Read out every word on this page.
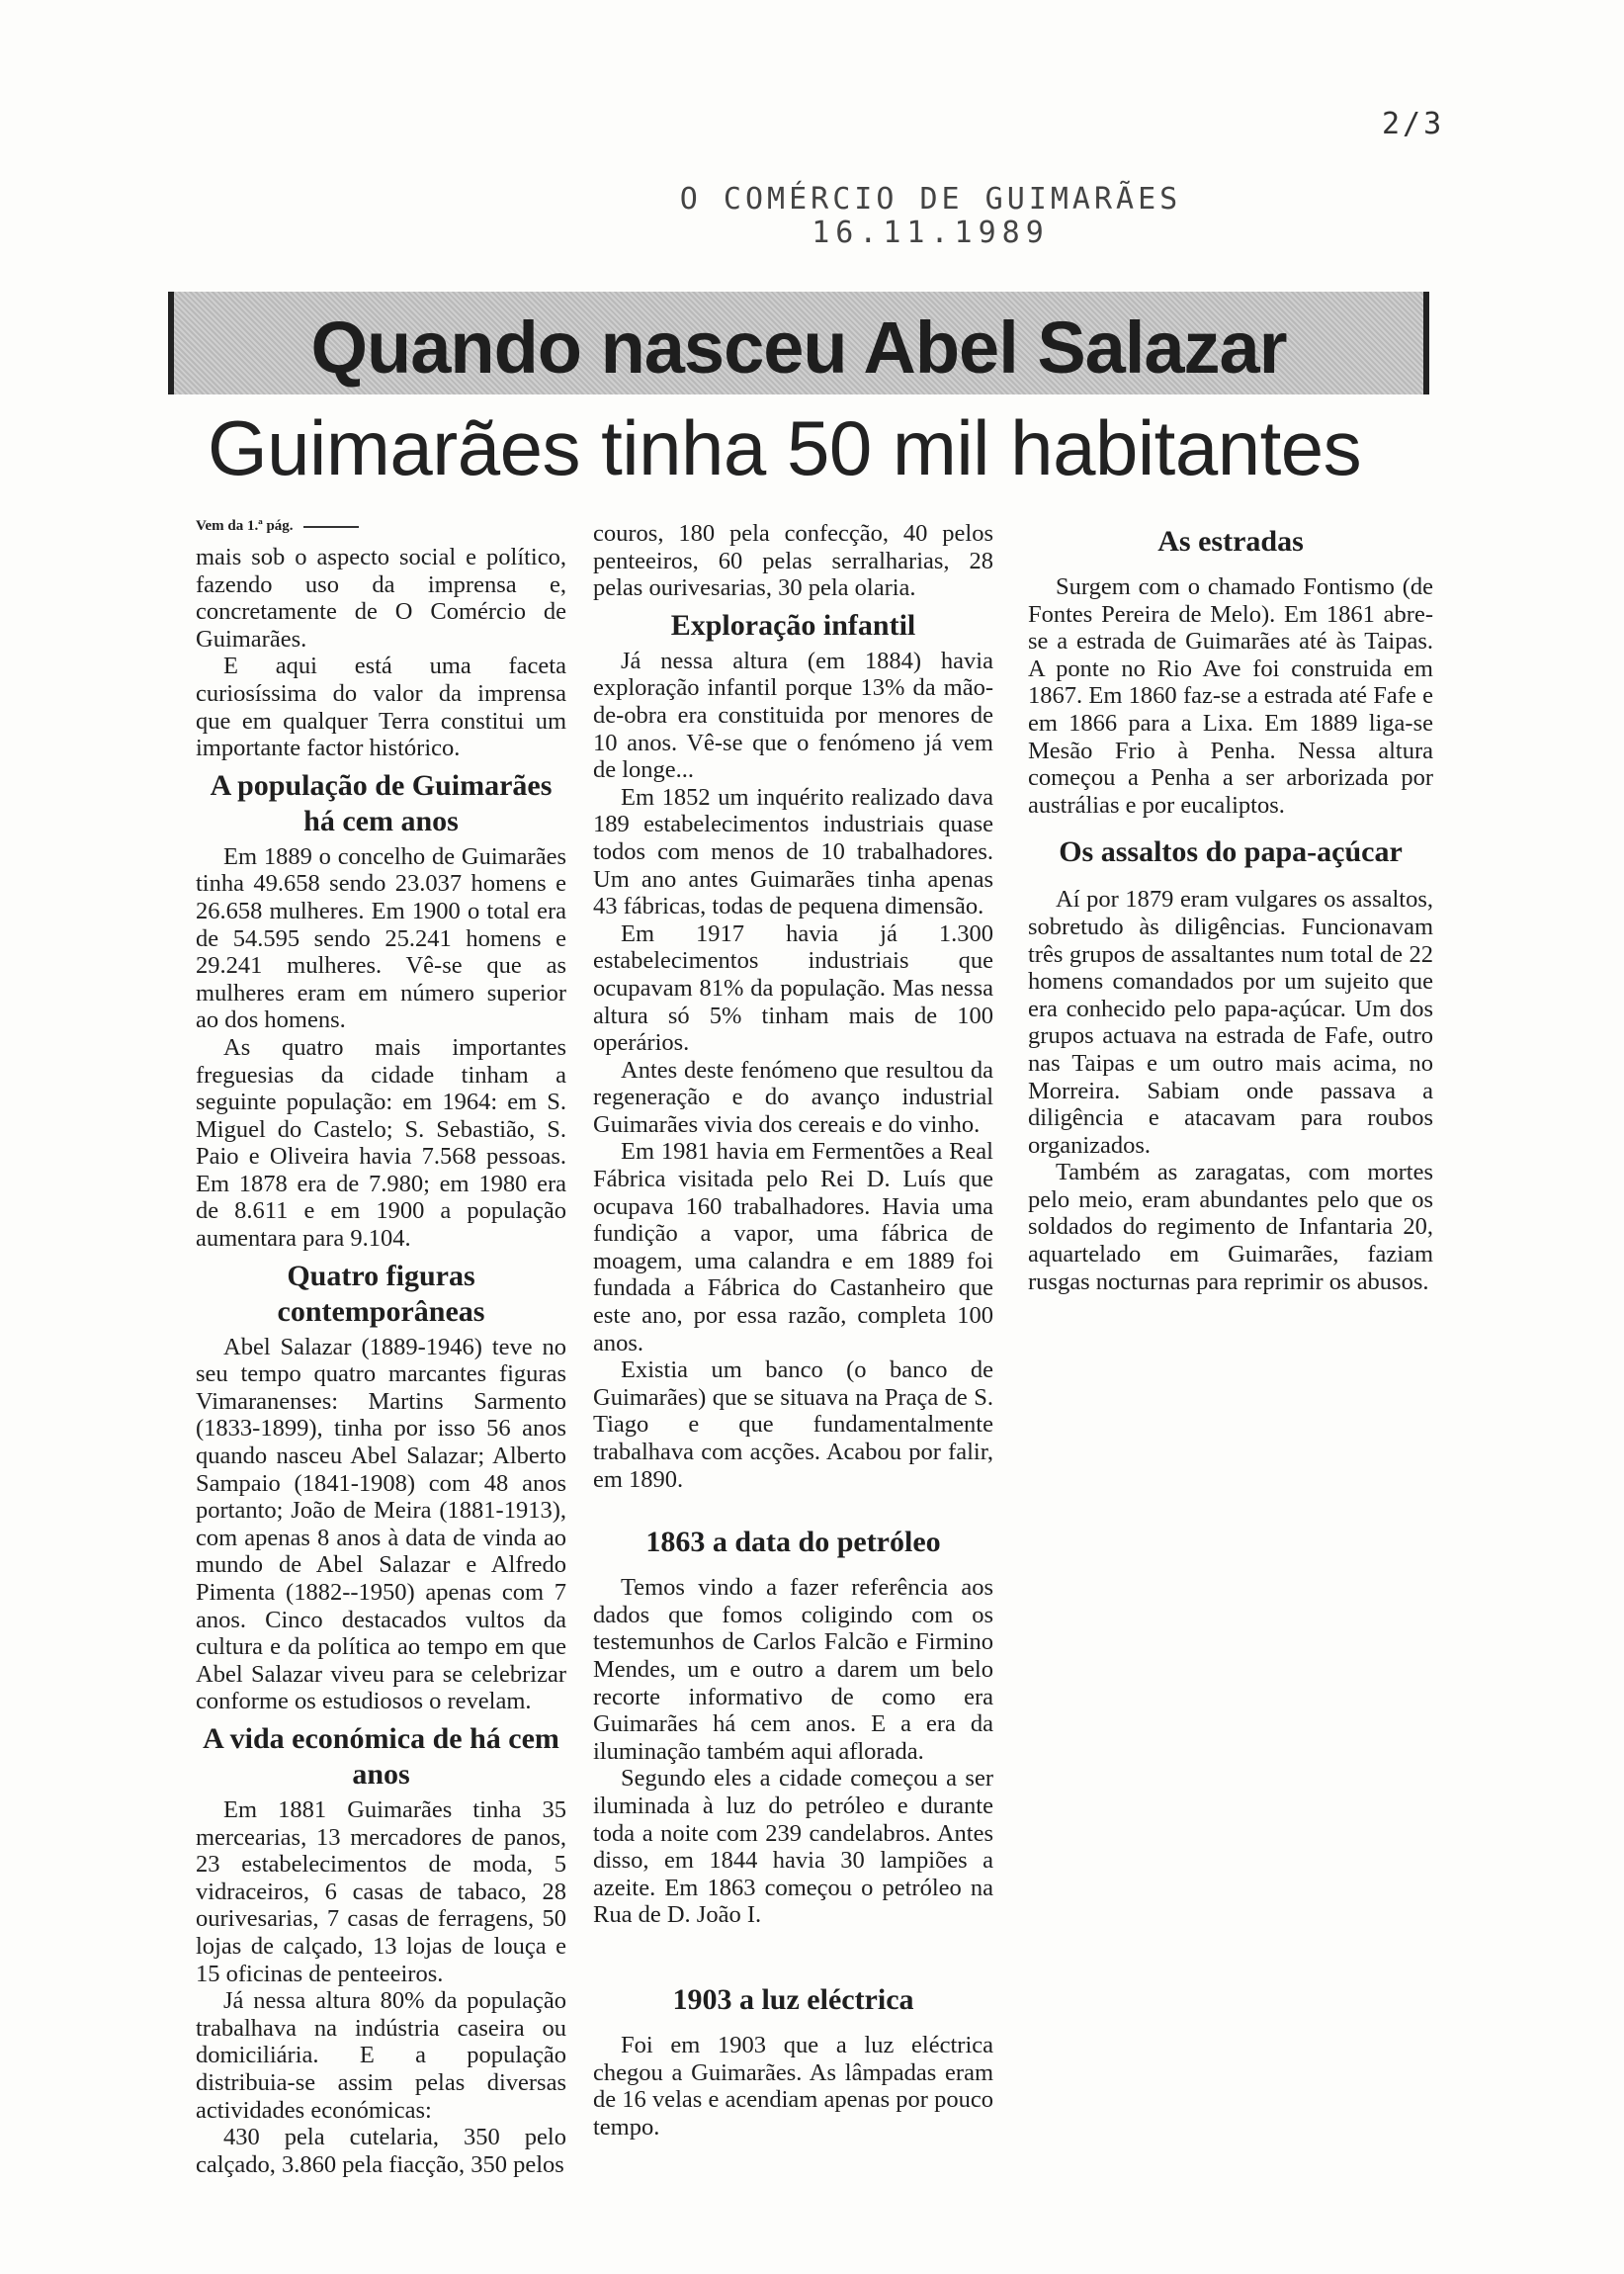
2/3
O COMÉRCIO DE GUIMARÃES
16.11.1989
Quando nasceu Abel Salazar
Guimarães tinha 50 mil habitantes
Vem da 1.ª pág.

mais sob o aspecto social e político, fazendo uso da imprensa e, concretamente de O Comércio de Guimarães.

E aqui está uma faceta curiosíssima do valor da imprensa que em qualquer Terra constitui um importante factor histórico.

A população de Guimarães há cem anos

Em 1889 o concelho de Guimarães tinha 49.658 sendo 23.037 homens e 26.658 mulheres. Em 1900 o total era de 54.595 sendo 25.241 homens e 29.241 mulheres. Vê-se que as mulheres eram em número superior ao dos homens.

As quatro mais importantes freguesias da cidade tinham a seguinte população: em 1964: em S. Miguel do Castelo; S. Sebastião, S. Paio e Oliveira havia 7.568 pessoas. Em 1878 era de 7.980; em 1980 era de 8.611 e em 1900 a população aumentara para 9.104.

Quatro figuras contemporâneas

Abel Salazar (1889-1946) teve no seu tempo quatro marcantes figuras Vimaranenses: Martins Sarmento (1833-1899), tinha por isso 56 anos quando nasceu Abel Salazar; Alberto Sampaio (1841-1908) com 48 anos portanto; João de Meira (1881-1913), com apenas 8 anos à data de vinda ao mundo de Abel Salazar e Alfredo Pimenta (1882--1950) apenas com 7 anos. Cinco destacados vultos da cultura e da política ao tempo em que Abel Salazar viveu para se celebrizar conforme os estudiosos o revelam.

A vida económica de há cem anos

Em 1881 Guimarães tinha 35 mercearias, 13 mercadores de panos, 23 estabelecimentos de moda, 5 vidraceiros, 6 casas de tabaco, 28 ourivesarias, 7 casas de ferragens, 50 lojas de calçado, 13 lojas de louça e 15 oficinas de penteeiros.

Já nessa altura 80% da população trabalhava na indústria caseira ou domiciliária. E a população distribuia-se assim pelas diversas actividades económicas:

430 pela cutelaria, 350 pelo calçado, 3.860 pela fiacção, 350 pelos

couros, 180 pela confecção, 40 pelos penteeiros, 60 pelas serralharias, 28 pelas ourivesarias, 30 pela olaria.

Exploração infantil

Já nessa altura (em 1884) havia exploração infantil porque 13% da mão-de-obra era constituida por menores de 10 anos. Vê-se que o fenómeno já vem de longe...

Em 1852 um inquérito realizado dava 189 estabelecimentos industriais quase todos com menos de 10 trabalhadores. Um ano antes Guimarães tinha apenas 43 fábricas, todas de pequena dimensão.

Em 1917 havia já 1.300 estabelecimentos industriais que ocupavam 81% da população. Mas nessa altura só 5% tinham mais de 100 operários.

Antes deste fenómeno que resultou da regeneração e do avanço industrial Guimarães vivia dos cereais e do vinho.

Em 1981 havia em Fermentões a Real Fábrica visitada pelo Rei D. Luís que ocupava 160 trabalhadores. Havia uma fundição a vapor, uma fábrica de moagem, uma calandra e em 1889 foi fundada a Fábrica do Castanheiro que este ano, por essa razão, completa 100 anos.

Existia um banco (o banco de Guimarães) que se situava na Praça de S. Tiago e que fundamentalmente trabalhava com acções. Acabou por falir, em 1890.

1863 a data do petróleo

Temos vindo a fazer referência aos dados que fomos coligindo com os testemunhos de Carlos Falcão e Firmino Mendes, um e outro a darem um belo recorte informativo de como era Guimarães há cem anos. E a era da iluminação também aqui aflorada.

Segundo eles a cidade começou a ser iluminada à luz do petróleo e durante toda a noite com 239 candelabros. Antes disso, em 1844 havia 30 lampiões a azeite. Em 1863 começou o petróleo na Rua de D. João I.

1903 a luz eléctrica

Foi em 1903 que a luz eléctrica chegou a Guimarães. As lâmpadas eram de 16 velas e acendiam apenas por pouco tempo.

As estradas

Surgem com o chamado Fontismo (de Fontes Pereira de Melo). Em 1861 abre-se a estrada de Guimarães até às Taipas. A ponte no Rio Ave foi construida em 1867. Em 1860 faz-se a estrada até Fafe e em 1866 para a Lixa. Em 1889 liga-se Mesão Frio à Penha. Nessa altura começou a Penha a ser arborizada por austrálias e por eucaliptos.

Os assaltos do papa-açúcar

Aí por 1879 eram vulgares os assaltos, sobretudo às diligências. Funcionavam três grupos de assaltantes num total de 22 homens comandados por um sujeito que era conhecido pelo papa-açúcar. Um dos grupos actuava na estrada de Fafe, outro nas Taipas e um outro mais acima, no Morreira. Sabiam onde passava a diligência e atacavam para roubos organizados.

Também as zaragatas, com mortes pelo meio, eram abundantes pelo que os soldados do regimento de Infantaria 20, aquartelado em Guimarães, faziam rusgas nocturnas para reprimir os abusos.
